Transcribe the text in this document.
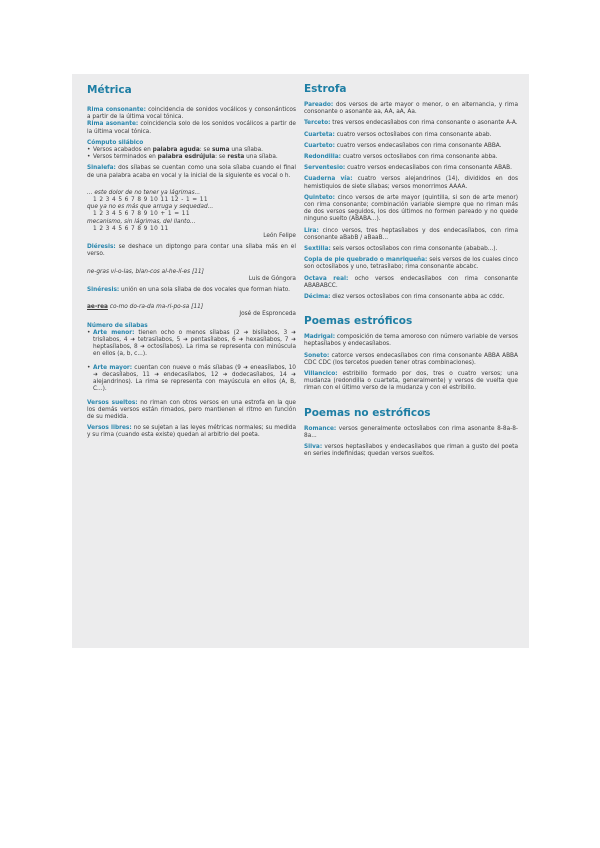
Métrica

Rima consonante: coincidencia de sonidos vocálicos y consonánticos a partir de la última vocal tónica.

Rima asonante: coincidencia solo de los sonidos vocálicos a partir de la última vocal tónica.

Cómputo silábico

• Versos acabados en palabra aguda: se suma una sílaba.

• Versos terminados en palabra esdrújula: se resta una sílaba.

Sinalefa: dos sílabas se cuentan como una sola sílaba cuando el final de una palabra acaba en vocal y la inicial de la siguiente es vocal o h.

... este dolor de no tener ya lágrimas...

1 2 3 4 5 6 7 8 9 10 11 12 - 1 = 11

que ya no es más que arruga y sequedad...

1 2 3 4 5 6 7 8 9 10 + 1 = 11

mecanismo, sin lágrimas, del llanto...

1 2 3 4 5 6 7 8 9 10 11

León Felipe

Diéresis: se deshace un diptongo para contar una sílaba más en el verso.

ne-gras vi-o-las, blan-cos al-he-lí-es [11]

Luis de Góngora

Sinéresis: unión en una sola sílaba de dos vocales que forman hiato.

ae-rea co-mo do-ra-da ma-ri-po-sa [11]

José de Espronceda

Número de sílabas

• Arte menor: tienen ocho o menos sílabas (2 ➜ bisílabos, 3 ➜ trisílabos, 4 ➜ tetrasílabos, 5 ➜ pentasílabos, 6 ➜ hexasílabos, 7 ➜ heptasílabos, 8 ➜ octosílabos). La rima se representa con minúscula en ellos (a, b, c...).

• Arte mayor: cuentan con nueve o más sílabas (9 ➜ eneasílabos, 10 ➜ decasílabos, 11 ➜ endecasílabos, 12 ➜ dodecasílabos, 14 ➜ alejandrinos). La rima se representa con mayúscula en ellos (A, B, C...).

Versos sueltos: no riman con otros versos en una estrofa en la que los demás versos están rimados, pero mantienen el ritmo en función de su medida.

Versos libres: no se sujetan a las leyes métricas normales; su medida y su rima (cuando esta existe) quedan al arbitrio del poeta.

Estrofa

Pareado: dos versos de arte mayor o menor, o en alternancia, y rima consonante o asonante aa, AA, aA, Aa.

Terceto: tres versos endecasílabos con rima consonante o asonante A-A.

Cuarteta: cuatro versos octosílabos con rima consonante abab.

Cuarteto: cuatro versos endecasílabos con rima consonante ABBA.

Redondilla: cuatro versos octosílabos con rima consonante abba.

Serventesio: cuatro versos endecasílabos con rima consonante ABAB.

Cuaderna vía: cuatro versos alejandrinos (14), divididos en dos hemistiquios de siete sílabas; versos monorrimos AAAA.

Quinteto: cinco versos de arte mayor (quintilla, si son de arte menor) con rima consonante; combinación variable siempre que no riman más de dos versos seguidos, los dos últimos no formen pareado y no quede ninguno suelto (ABABA...).

Lira: cinco versos, tres heptasílabos y dos endecasílabos, con rima consonante aBabB / aBaaB...

Sextilla: seis versos octosílabos con rima consonante (ababab...).

Copla de pie quebrado o manriqueña: seis versos de los cuales cinco son octosílabos y uno, tetrasílabo; rima consonante abcabc.

Octava real: ocho versos endecasílabos con rima consonante ABABABCC.

Décima: diez versos octosílabos con rima consonante abba ac cddc.

Poemas estróficos

Madrigal: composición de tema amoroso con número variable de versos heptasílabos y endecasílabos.

Soneto: catorce versos endecasílabos con rima consonante ABBA ABBA CDC CDC (los tercetos pueden tener otras combinaciones).

Villancico: estribillo formado por dos, tres o cuatro versos; una mudanza (redondilla o cuarteta, generalmente) y versos de vuelta que riman con el último verso de la mudanza y con el estribillo.

Poemas no estróficos

Romance: versos generalmente octosílabos con rima asonante 8-8a-8-8a...

Silva: versos heptasílabos y endecasílabos que riman a gusto del poeta en series indefinidas; quedan versos sueltos.
